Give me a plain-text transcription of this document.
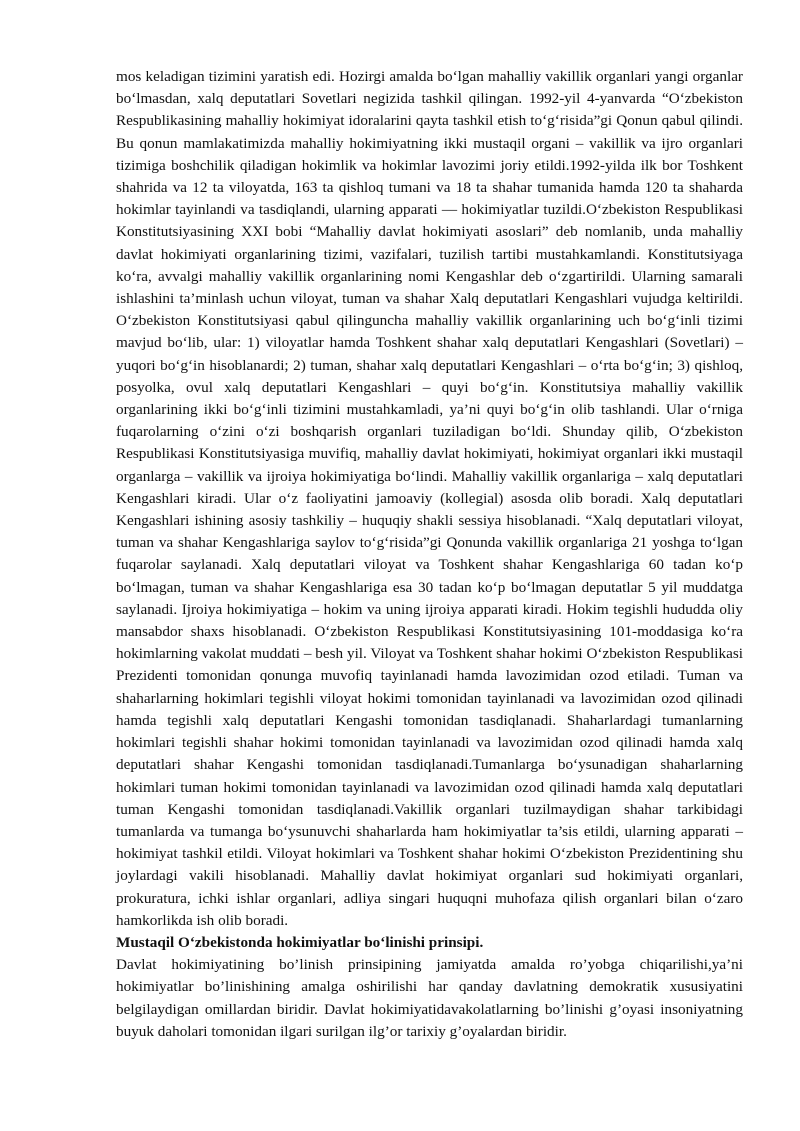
mos keladigan tizimini yaratish edi. Hozirgi amalda bo‘lgan mahalliy vakillik organlari yangi organlar bo‘lmasdan, xalq deputatlari Sovetlari negizida tashkil qilingan. 1992-yil 4-yanvarda “O‘zbekiston Respublikasining mahalliy hokimiyat idoralarini qayta tashkil etish to‘g‘risida”gi Qonun qabul qilindi. Bu qonun mamlakatimizda mahalliy hokimiyatning ikki mustaqil organi – vakillik va ijro organlari tizimiga boshchilik qiladigan hokimlik va hokimlar lavozimi joriy etildi.1992-yilda ilk bor Toshkent shahrida va 12 ta viloyatda, 163 ta qishloq tumani va 18 ta shahar tumanida hamda 120 ta shaharda hokimlar tayinlandi va tasdiqlandi, ularning apparati — hokimiyatlar tuzildi.O‘zbekiston Respublikasi Konstitutsiyasining XXI bobi “Mahalliy davlat hokimiyati asoslari” deb nomlanib, unda mahalliy davlat hokimiyati organlarining tizimi, vazifalari, tuzilish tartibi mustahkamlandi. Konstitutsiyaga ko‘ra, avvalgi mahalliy vakillik organlarining nomi Kengashlar deb o‘zgartirildi. Ularning samarali ishlashini ta’minlash uchun viloyat, tuman va shahar Xalq deputatlari Kengashlari vujudga keltirildi. O‘zbekiston Konstitutsiyasi qabul qilinguncha mahalliy vakillik organlarining uch bo‘g‘inli tizimi mavjud bo‘lib, ular: 1) viloyatlar hamda Toshkent shahar xalq deputatlari Kengashlari (Sovetlari) – yuqori bo‘g‘in hisoblanardi; 2) tuman, shahar xalq deputatlari Kengashlari – o‘rta bo‘g‘in; 3) qishloq, posyolka, ovul xalq deputatlari Kengashlari – quyi bo‘g‘in. Konstitutsiya mahalliy vakillik organlarining ikki bo‘g‘inli tizimini mustahkamladi, ya’ni quyi bo‘g‘in olib tashlandi. Ular o‘rniga fuqarolarning o‘zini o‘zi boshqarish organlari tuziladigan bo‘ldi. Shunday qilib, O‘zbekiston Respublikasi Konstitutsiyasiga muvifiq, mahalliy davlat hokimiyati, hokimiyat organlari ikki mustaqil organlarga – vakillik va ijroiya hokimiyatiga bo‘lindi. Mahalliy vakillik organlariga – xalq deputatlari Kengashlari kiradi. Ular o‘z faoliyatini jamoaviy (kollegial) asosda olib boradi. Xalq deputatlari Kengashlari ishining asosiy tashkiliy – huquqiy shakli sessiya hisoblanadi. “Xalq deputatlari viloyat, tuman va shahar Kengashlariga saylov to‘g‘risida”gi Qonunda vakillik organlariga 21 yoshga to‘lgan fuqarolar saylanadi. Xalq deputatlari viloyat va Toshkent shahar Kengashlariga 60 tadan ko‘p bo‘lmagan, tuman va shahar Kengashlariga esa 30 tadan ko‘p bo‘lmagan deputatlar 5 yil muddatga saylanadi. Ijroiya hokimiyatiga – hokim va uning ijroiya apparati kiradi. Hokim tegishli hududda oliy mansabdor shaxs hisoblanadi. O‘zbekiston Respublikasi Konstitutsiyasining 101-moddasiga ko‘ra hokimlarning vakolat muddati – besh yil. Viloyat va Toshkent shahar hokimi O‘zbekiston Respublikasi Prezidenti tomonidan qonunga muvofiq tayinlanadi hamda lavozimidan ozod etiladi. Tuman va shaharlarning hokimlari tegishli viloyat hokimi tomonidan tayinlanadi va lavozimidan ozod qilinadi hamda tegishli xalq deputatlari Kengashi tomonidan tasdiqlanadi. Shaharlardagi tumanlarning hokimlari tegishli shahar hokimi tomonidan tayinlanadi va lavozimidan ozod qilinadi hamda xalq deputatlari shahar Kengashi tomonidan tasdiqlanadi.Tumanlarga bo‘ysunadigan shaharlarning hokimlari tuman hokimi tomonidan tayinlanadi va lavozimidan ozod qilinadi hamda xalq deputatlari tuman Kengashi tomonidan tasdiqlanadi.Vakillik organlari tuzilmaydigan shahar tarkibidagi tumanlarda va tumanga bo‘ysunuvchi shaharlarda ham hokimiyatlar ta’sis etildi, ularning apparati – hokimiyat tashkil etildi. Viloyat hokimlari va Toshkent shahar hokimi O‘zbekiston Prezidentining shu joylardagi vakili hisoblanadi. Mahalliy davlat hokimiyat organlari sud hokimiyati organlari, prokuratura, ichki ishlar organlari, adliya singari huquqni muhofaza qilish organlari bilan o‘zaro hamkorlikda ish olib boradi.

Mustaqil O‘zbekistonda hokimiyatlar bo‘linishi prinsipi.

Davlat hokimiyatining bo’linish prinsipining jamiyatda amalda ro’yobga chiqarilishi,ya’ni hokimiyatlar bo’linishining amalga oshirilishi har qanday davlatning demokratik xususiyatini belgilaydigan omillardan biridir. Davlat hokimiyatidavakolatlarning bo’linishi g’oyasi insoniyatning buyuk daholari tomonidan ilgari surilgan ilg’or tarixiy g’oyalardan biridir.
